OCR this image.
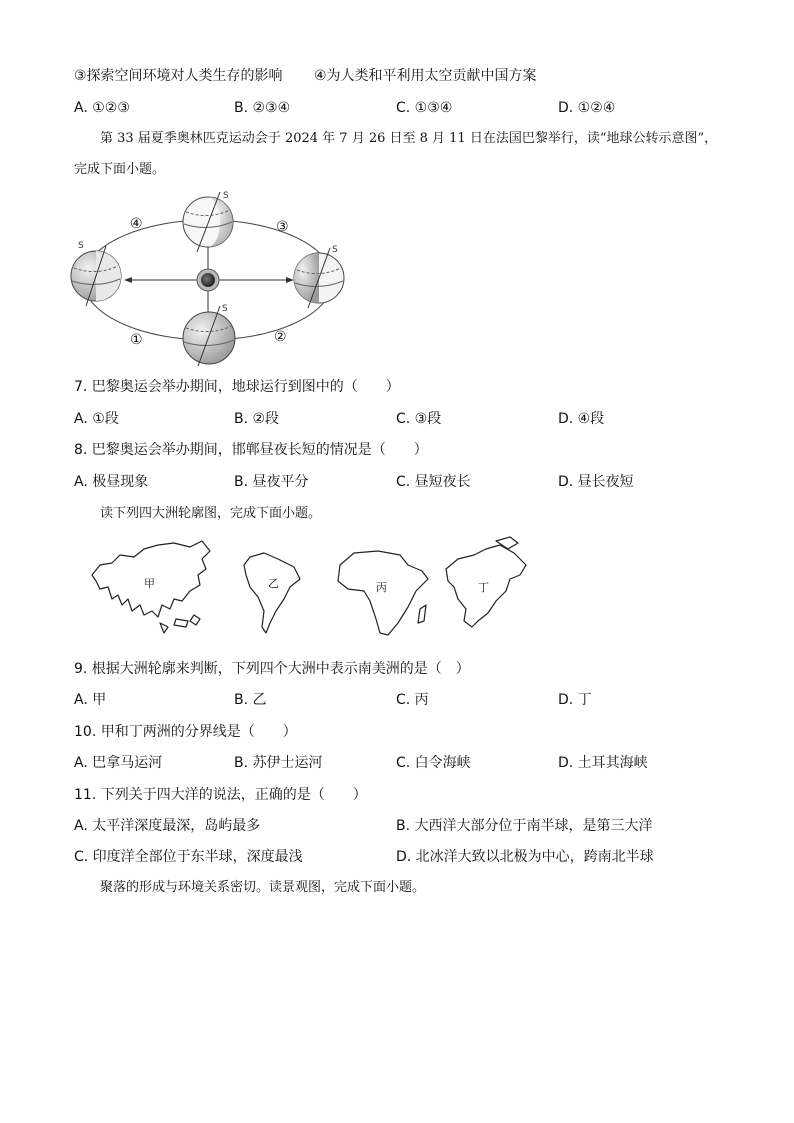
③探索空间环境对人类生存的影响 ④为人类和平利用太空贡献中国方案
A. ①②③	B. ②③④	C. ①③④	D. ①②④
第 33 届夏季奥林匹克运动会于 2024 年 7 月 26 日至 8 月 11 日在法国巴黎举行，读“地球公转示意图”，
完成下面小题。
S
S	S
S
④	③
①	②
7. 巴黎奥运会举办期间，地球运行到图中的（　　）
A. ①段	B. ②段	C. ③段	D. ④段
8. 巴黎奥运会举办期间，邯郸昼夜长短的情况是（　　）
A. 极昼现象	B. 昼夜平分	C. 昼短夜长	D. 昼长夜短
读下列四大洲轮廓图，完成下面小题。
甲	乙	丙	丁
9. 根据大洲轮廓来判断，下列四个大洲中表示南美洲的是（　）
A. 甲	B. 乙	C. 丙	D. 丁
10. 甲和丁两洲的分界线是（　　）
A. 巴拿马运河	B. 苏伊士运河	C. 白令海峡	D. 土耳其海峡
11. 下列关于四大洋的说法，正确的是（　　）
A. 太平洋深度最深，岛屿最多	B. 大西洋大部分位于南半球，是第三大洋
C. 印度洋全部位于东半球，深度最浅	D. 北冰洋大致以北极为中心，跨南北半球
聚落的形成与环境关系密切。读景观图，完成下面小题。
